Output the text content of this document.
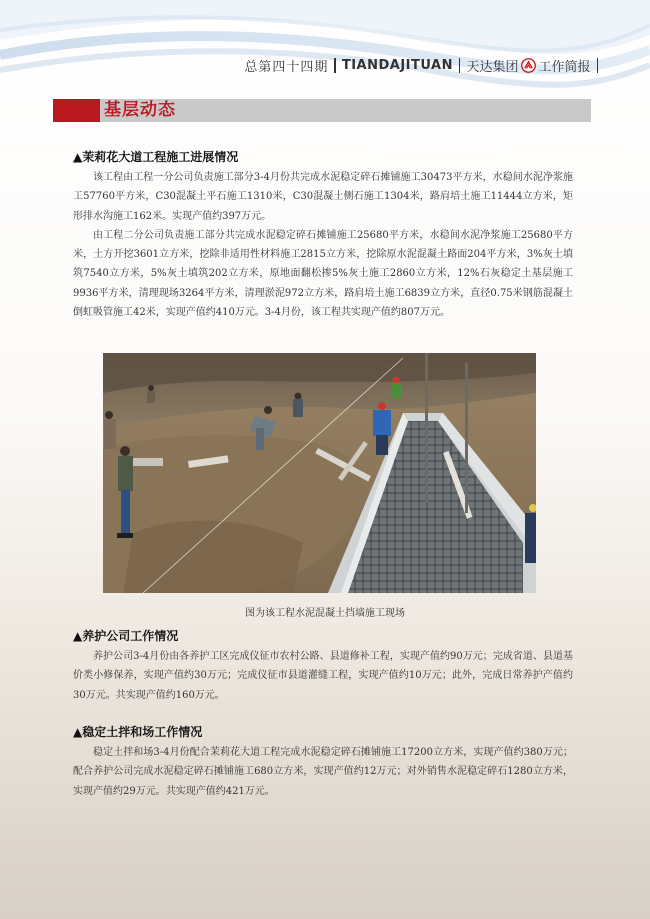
总第四十四期 TIANDAJITUAN 天达集团 工作简报
基层动态

▲茉莉花大道工程施工进展情况

该工程由工程一分公司负责施工部分3-4月份共完成水泥稳定碎石摊铺施工30473平方米，水稳间水泥净浆施工57760平方米，C30混凝土平石施工1310米，C30混凝土侧石施工1304米，路肩培土施工11444立方米，矩形排水沟施工162米。实现产值约397万元。

由工程二分公司负责施工部分共完成水泥稳定碎石摊铺施工25680平方米，水稳间水泥净浆施工25680平方米，土方开挖3601立方米，挖除非适用性材料施工2815立方米，挖除原水泥混凝土路面204平方米，3%灰土填筑7540立方米，5%灰土填筑202立方米，原地面翻松掺5%灰土施工2860立方米，12%石灰稳定土基层施工9936平方米，清理现场3264平方米，清理淤泥972立方米，路肩培土施工6839立方米，直径0.75米钢筋混凝土倒虹吸管施工42米，实现产值约410万元。3-4月份，该工程共实现产值约807万元。

图为该工程水泥混凝土挡墙施工现场

▲养护公司工作情况

养护公司3-4月份由各养护工区完成仪征市农村公路、县道修补工程，实现产值约90万元；完成省道、县道基价类小修保养，实现产值约30万元；完成仪征市县道灌缝工程，实现产值约10万元；此外，完成日常养护产值约30万元。共实现产值约160万元。

▲稳定土拌和场工作情况

稳定土拌和场3-4月份配合茉莉花大道工程完成水泥稳定碎石摊铺施工17200立方米，实现产值约380万元；配合养护公司完成水泥稳定碎石摊铺施工680立方米，实现产值约12万元；对外销售水泥稳定碎石1280立方米，实现产值约29万元。共实现产值约421万元。
